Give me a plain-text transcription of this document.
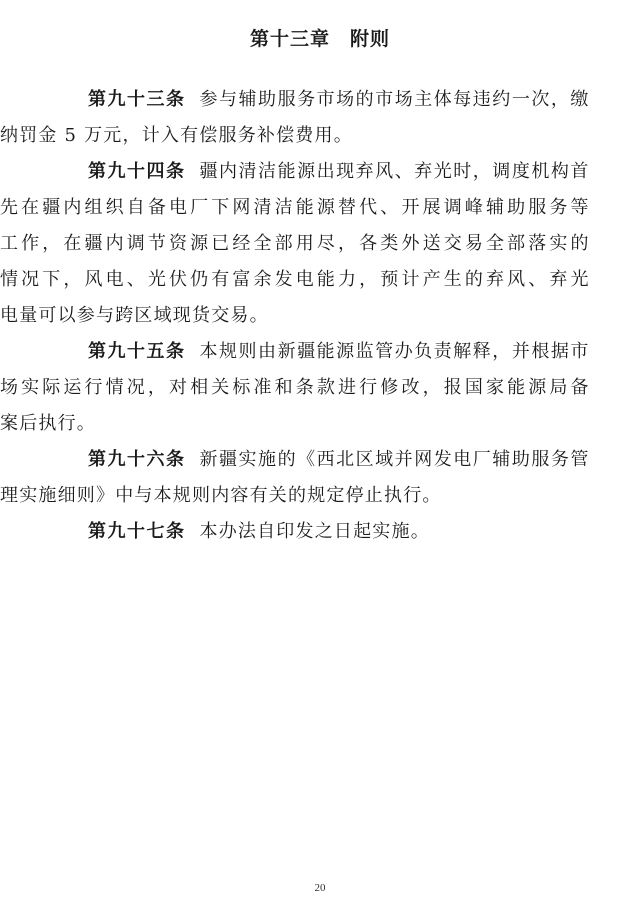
第十三章　附则
第九十三条 参与辅助服务市场的市场主体每违约一次，缴
纳罚金 5 万元，计入有偿服务补偿费用。
第九十四条 疆内清洁能源出现弃风、弃光时，调度机构首
先在疆内组织自备电厂下网清洁能源替代、开展调峰辅助服务等
工作，在疆内调节资源已经全部用尽，各类外送交易全部落实的
情况下，风电、光伏仍有富余发电能力，预计产生的弃风、弃光
电量可以参与跨区域现货交易。
第九十五条 本规则由新疆能源监管办负责解释，并根据市
场实际运行情况，对相关标准和条款进行修改，报国家能源局备
案后执行。
第九十六条 新疆实施的《西北区域并网发电厂辅助服务管
理实施细则》中与本规则内容有关的规定停止执行。
第九十七条 本办法自印发之日起实施。
20
